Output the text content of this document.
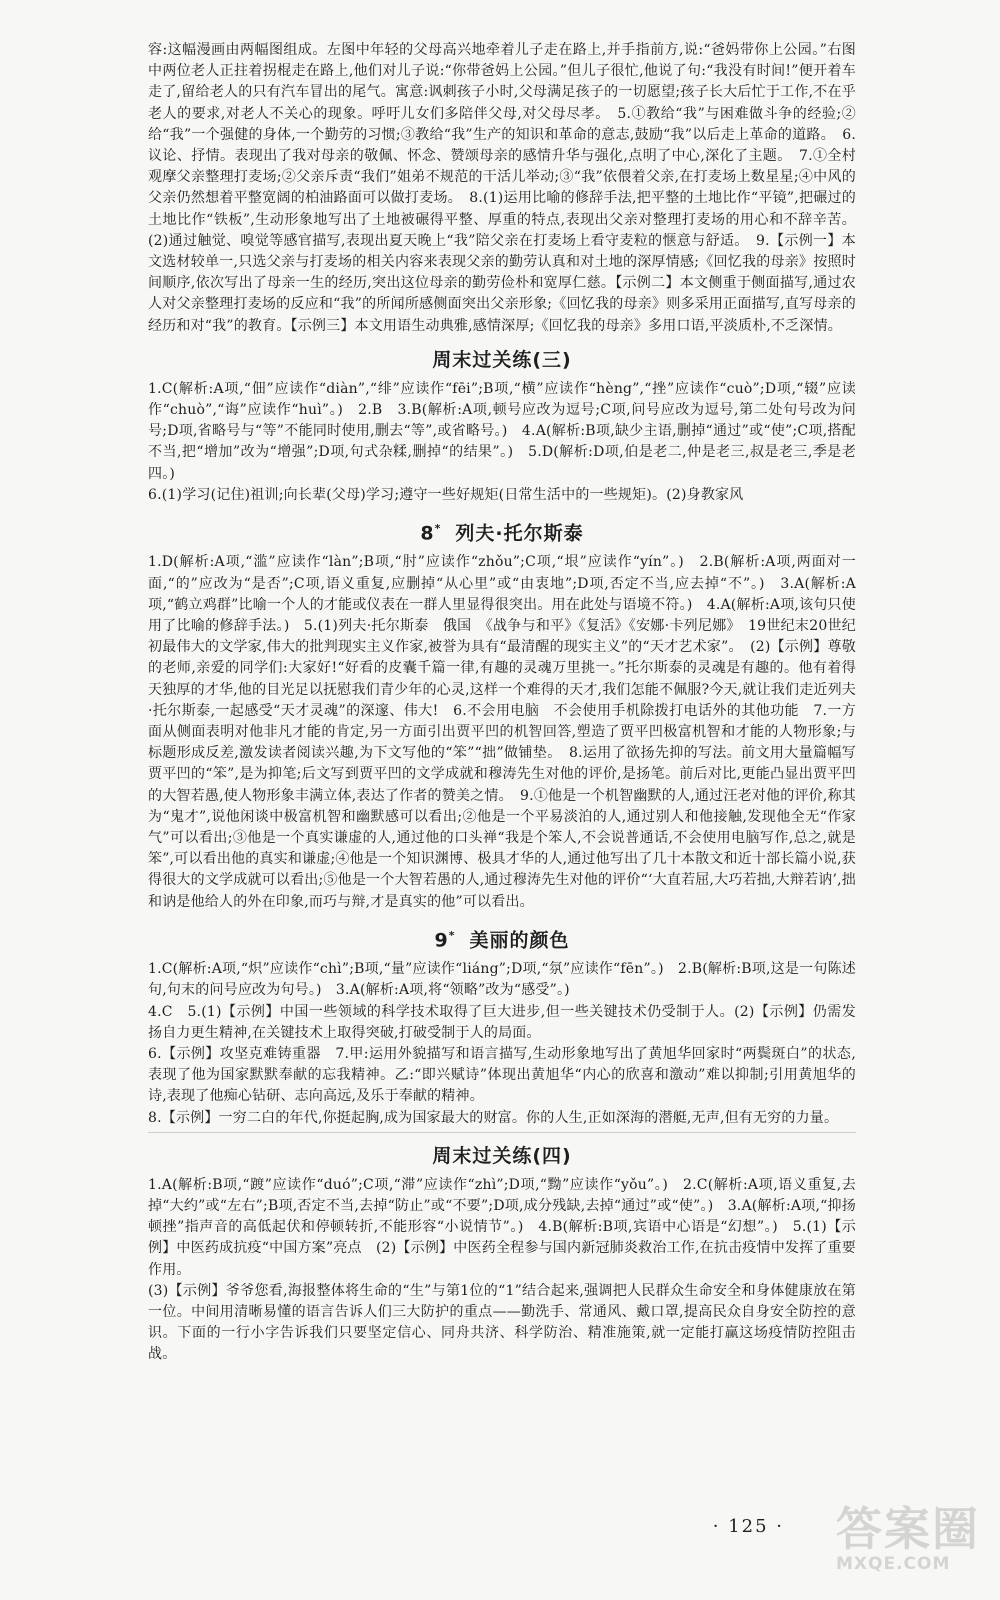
容:这幅漫画由两幅图组成。左图中年轻的父母高兴地牵着儿子走在路上,并手指前方,说:“爸妈带你上公园。”右图中两位老人正拄着拐棍走在路上,他们对儿子说:“你带爸妈上公园。”但儿子很忙,他说了句:“我没有时间!”便开着车走了,留给老人的只有汽车冒出的尾气。寓意:讽刺孩子小时,父母满足孩子的一切愿望;孩子长大后忙于工作,不在乎老人的要求,对老人不关心的现象。呼吁儿女们多陪伴父母,对父母尽孝。　5.①教给“我”与困难做斗争的经验;②给“我”一个强健的身体,一个勤劳的习惯;③教给“我”生产的知识和革命的意志,鼓励“我”以后走上革命的道路。　6.议论、抒情。表现出了我对母亲的敬佩、怀念、赞颂母亲的感情升华与强化,点明了中心,深化了主题。　7.①全村观摩父亲整理打麦场;②父亲斥责“我们”姐弟不规范的干活儿举动;③“我”依偎着父亲,在打麦场上数星星;④中风的父亲仍然想着平整宽阔的柏油路面可以做打麦场。　8.(1)运用比喻的修辞手法,把平整的土地比作“平镜”,把碾过的土地比作“铁板”,生动形象地写出了土地被碾得平整、厚重的特点,表现出父亲对整理打麦场的用心和不辞辛苦。(2)通过触觉、嗅觉等感官描写,表现出夏天晚上“我”陪父亲在打麦场上看守麦粒的惬意与舒适。　9.【示例一】本文选材较单一,只选父亲与打麦场的相关内容来表现父亲的勤劳认真和对土地的深厚情感;《回忆我的母亲》按照时间顺序,依次写出了母亲一生的经历,突出这位母亲的勤劳俭朴和宽厚仁慈。【示例二】本文侧重于侧面描写,通过农人对父亲整理打麦场的反应和“我”的所闻所感侧面突出父亲形象;《回忆我的母亲》则多采用正面描写,直写母亲的经历和对“我”的教育。【示例三】本文用语生动典雅,感情深厚;《回忆我的母亲》多用口语,平淡质朴,不乏深情。

周末过关练(三)

1.C(解析:A项,“佃”应读作“diàn”,“绯”应读作“fēi”;B项,“横”应读作“hèng”,“挫”应读作“cuò”;D项,“辍”应读作“chuò”,“诲”应读作“huì”。)　2.B　3.B(解析:A项,顿号应改为逗号;C项,问号应改为逗号,第二处句号改为问号;D项,省略号与“等”不能同时使用,删去“等”,或省略号。)　4.A(解析:B项,缺少主语,删掉“通过”或“使”;C项,搭配不当,把“增加”改为“增强”;D项,句式杂糅,删掉“的结果”。)　5.D(解析:D项,伯是老二,仲是老三,叔是老三,季是老四。)

6.(1)学习(记住)祖训;向长辈(父母)学习;遵守一些好规矩(日常生活中的一些规矩)。(2)身教家风

8* 列夫·托尔斯泰

1.D(解析:A项,“滥”应读作“làn”;B项,“肘”应读作“zhǒu”;C项,“垠”应读作“yín”。)　2.B(解析:A项,两面对一面,“的”应改为“是否”;C项,语义重复,应删掉“从心里”或“由衷地”;D项,否定不当,应去掉“不”。)　3.A(解析:A项,“鹤立鸡群”比喻一个人的才能或仪表在一群人里显得很突出。用在此处与语境不符。)　4.A(解析:A项,该句只使用了比喻的修辞手法。)　5.(1)列夫·托尔斯泰　俄国　《战争与和平》《复活》《安娜·卡列尼娜》　19世纪末20世纪初最伟大的文学家,伟大的批判现实主义作家,被誉为具有“最清醒的现实主义”的“天才艺术家”。　(2)【示例】尊敬的老师,亲爱的同学们:大家好!“好看的皮囊千篇一律,有趣的灵魂万里挑一。”托尔斯泰的灵魂是有趣的。他有着得天独厚的才华,他的目光足以抚慰我们青少年的心灵,这样一个难得的天才,我们怎能不佩服?今天,就让我们走近列夫·托尔斯泰,一起感受“天才灵魂”的深邃、伟大!　6.不会用电脑　不会使用手机除拨打电话外的其他功能　7.一方面从侧面表明对他非凡才能的肯定,另一方面引出贾平凹的机智回答,塑造了贾平凹极富机智和才能的人物形象;与标题形成反差,激发读者阅读兴趣,为下文写他的“笨”“拙”做铺垫。　8.运用了欲扬先抑的写法。前文用大量篇幅写贾平凹的“笨”,是为抑笔;后文写到贾平凹的文学成就和穆涛先生对他的评价,是扬笔。前后对比,更能凸显出贾平凹的大智若愚,使人物形象丰满立体,表达了作者的赞美之情。　9.①他是一个机智幽默的人,通过汪老对他的评价,称其为“鬼才”,说他闲谈中极富机智和幽默感可以看出;②他是一个平易淡泊的人,通过别人和他接触,发现他全无“作家气”可以看出;③他是一个真实谦虚的人,通过他的口头禅“我是个笨人,不会说普通话,不会使用电脑写作,总之,就是笨”,可以看出他的真实和谦虚;④他是一个知识渊博、极具才华的人,通过他写出了几十本散文和近十部长篇小说,获得很大的文学成就可以看出;⑤他是一个大智若愚的人,通过穆涛先生对他的评价“‘大直若屈,大巧若拙,大辩若讷’,拙和讷是他给人的外在印象,而巧与辩,才是真实的他”可以看出。

9* 美丽的颜色

1.C(解析:A项,“炽”应读作“chì”;B项,“量”应读作“liáng”;D项,“氛”应读作“fēn”。)　2.B(解析:B项,这是一句陈述句,句末的问号应改为句号。)　3.A(解析:A项,将“领略”改为“感受”。)

4.C　5.(1)【示例】中国一些领域的科学技术取得了巨大进步,但一些关键技术仍受制于人。(2)【示例】仍需发扬自力更生精神,在关键技术上取得突破,打破受制于人的局面。

6.【示例】攻坚克难铸重器　7.甲:运用外貌描写和语言描写,生动形象地写出了黄旭华回家时“两鬓斑白”的状态,表现了他为国家默默奉献的忘我精神。乙:“即兴赋诗”体现出黄旭华“内心的欣喜和激动”难以抑制;引用黄旭华的诗,表现了他痴心钻研、志向高远,及乐于奉献的精神。

8.【示例】一穷二白的年代,你挺起胸,成为国家最大的财富。你的人生,正如深海的潜艇,无声,但有无穷的力量。

周末过关练(四)

1.A(解析:B项,“踱”应读作“duó”;C项,“滞”应读作“zhì”;D项,“黝”应读作“yǒu”。)　2.C(解析:A项,语义重复,去掉“大约”或“左右”;B项,否定不当,去掉“防止”或“不要”;D项,成分残缺,去掉“通过”或“使”。)　3.A(解析:A项,“抑扬顿挫”指声音的高低起伏和停顿转折,不能形容“小说情节”。)　4.B(解析:B项,宾语中心语是“幻想”。)　5.(1)【示例】中医药成抗疫“中国方案”亮点　(2)【示例】中医药全程参与国内新冠肺炎救治工作,在抗击疫情中发挥了重要作用。

(3)【示例】爷爷您看,海报整体将生命的“生”与第1位的“1”结合起来,强调把人民群众生命安全和身体健康放在第一位。中间用清晰易懂的语言告诉人们三大防护的重点——勤洗手、常通风、戴口罩,提高民众自身安全防控的意识。下面的一行小字告诉我们只要坚定信心、同舟共济、科学防治、精准施策,就一定能打赢这场疫情防控阻击战。

· 125 · 答案圈
MXQE.COM
